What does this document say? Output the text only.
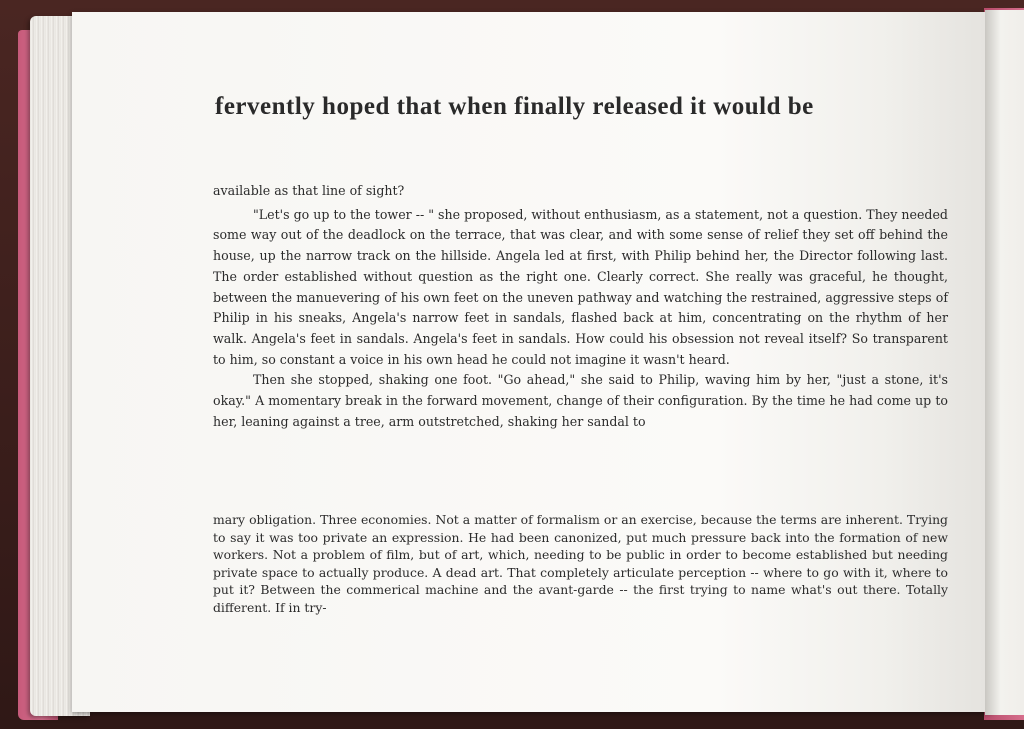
fervently hoped that when finally released it would be

available as that line of sight?

"Let's go up to the tower -- " she proposed, without enthusiasm, as a statement, not a question. They needed some way out of the deadlock on the terrace, that was clear, and with some sense of relief they set off behind the house, up the narrow track on the hillside. Angela led at first, with Philip behind her, the Director following last. The order established without question as the right one. Clearly correct. She really was graceful, he thought, between the manuevering of his own feet on the uneven pathway and watching the restrained, aggressive steps of Philip in his sneaks, Angela's narrow feet in sandals, flashed back at him, concentrating on the rhythm of her walk. Angela's feet in sandals. Angela's feet in sandals. How could his obsession not reveal itself? So transparent to him, so constant a voice in his own head he could not imagine it wasn't heard.

Then she stopped, shaking one foot. "Go ahead," she said to Philip, waving him by her, "just a stone, it's okay." A momentary break in the forward movement, change of their configuration. By the time he had come up to her, leaning against a tree, arm outstretched, shaking her sandal to

mary obligation. Three economies. Not a matter of formalism or an exercise, because the terms are inherent. Trying to say it was too private an expression. He had been canonized, put much pressure back into the formation of new workers. Not a problem of film, but of art, which, needing to be public in order to become established but needing private space to actually produce. A dead art. That completely articulate perception -- where to go with it, where to put it? Between the commerical machine and the avant-garde -- the first trying to name what's out there. Totally different. If in try-
